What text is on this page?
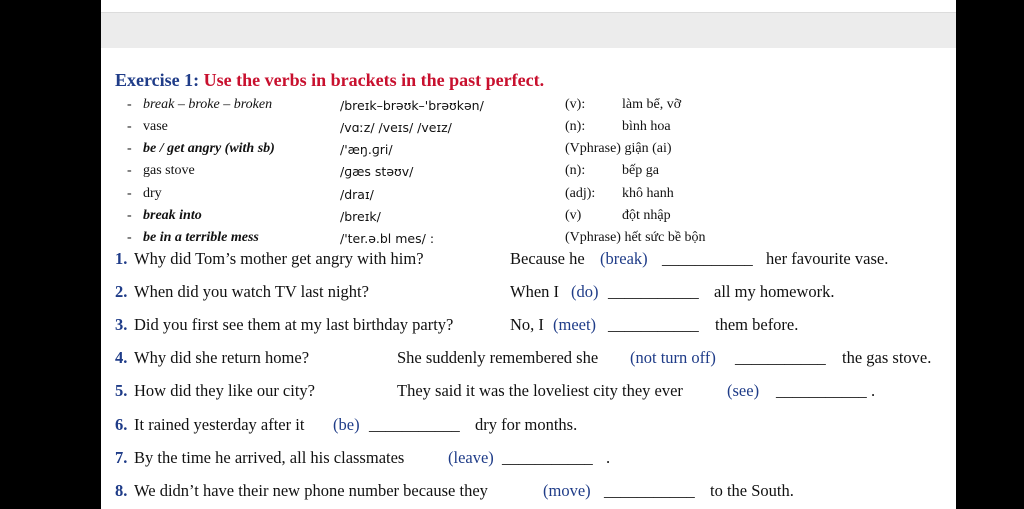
Exercise 1: Use the verbs in brackets in the past perfect.
- break – broke – broken	/breɪk–brəʊk–'brəʊkən/	(v):	làm bể, vỡ
- vase	/vɑːz/ /veɪs/ /veɪz/	(n):	bình hoa
- be / get angry (with sb)	/'æŋ.ɡri/	(Vphrase) giận (ai)
- gas stove	/ɡæs stəʊv/	(n):	bếp ga
- dry	/draɪ/	(adj): khô hanh
- break into	/breɪk/	(v)	đột nhập
- be in a terrible mess	/'ter.ə.bl mes/ :	(Vphrase) hết sức bề bộn
1. Why did Tom’s mother get angry with him?	Because he (break) ___________ her favourite vase.
2. When did you watch TV last night?	When I (do) ___________ all my homework.
3. Did you first see them at my last birthday party?	No, I (meet) ___________ them before.
4. Why did she return home?	She suddenly remembered she (not turn off) ___________ the gas stove.
5. How did they like our city?	They said it was the loveliest city they ever	(see) ___________ .
6. It rained yesterday after it (be) ___________ dry for months.
7. By the time he arrived, all his classmates	(leave) ___________ .
8. We didn’t have their new phone number because they	(move) ___________ to the South.
